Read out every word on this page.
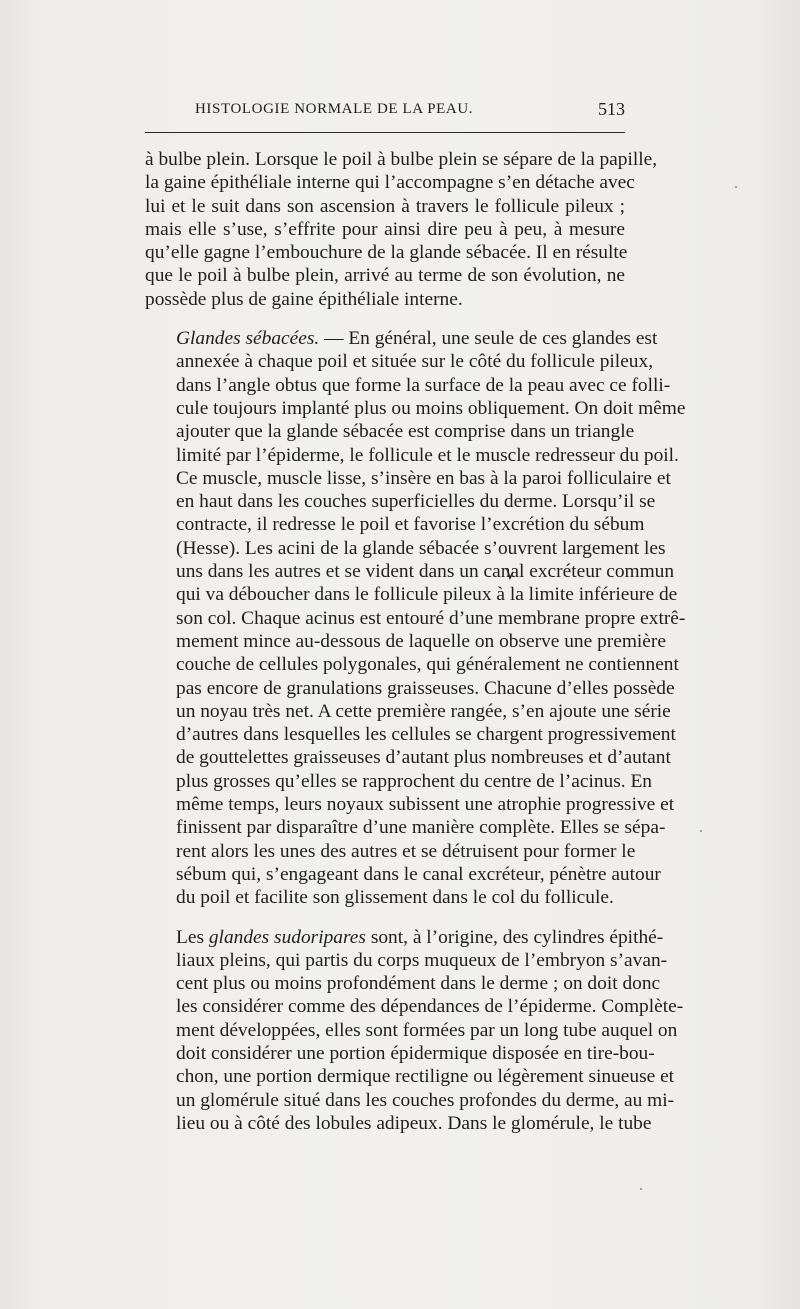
HISTOLOGIE NORMALE DE LA PEAU.	513

à bulbe plein. Lorsque le poil à bulbe plein se sépare de la papille,
la gaine épithéliale interne qui l’accompagne s’en détache avec
lui et le suit dans son ascension à travers le follicule pileux ;
mais elle s’use, s’effrite pour ainsi dire peu à peu, à mesure
qu’elle gagne l’embouchure de la glande sébacée. Il en résulte
que le poil à bulbe plein, arrivé au terme de son évolution, ne
possède plus de gaine épithéliale interne.

Glandes sébacées. — En général, une seule de ces glandes est
annexée à chaque poil et située sur le côté du follicule pileux,
dans l’angle obtus que forme la surface de la peau avec ce folli-
cule toujours implanté plus ou moins obliquement. On doit même
ajouter que la glande sébacée est comprise dans un triangle
limité par l’épiderme, le follicule et le muscle redresseur du poil.
Ce muscle, muscle lisse, s’insère en bas à la paroi folliculaire et
en haut dans les couches superficielles du derme. Lorsqu’il se
contracte, il redresse le poil et favorise l’excrétion du sébum
(Hesse). Les acini de la glande sébacée s’ouvrent largement les
uns dans les autres et se vident dans un canal excréteur commun
qui va déboucher dans le follicule pileux à la limite inférieure de
son col. Chaque acinus est entouré d’une membrane propre extrê-
mement mince au-dessous de laquelle on observe une première
couche de cellules polygonales, qui généralement ne contiennent
pas encore de granulations graisseuses. Chacune d’elles possède
un noyau très net. A cette première rangée, s’en ajoute une série
d’autres dans lesquelles les cellules se chargent progressivement
de gouttelettes graisseuses d’autant plus nombreuses et d’autant
plus grosses qu’elles se rapprochent du centre de l’acinus. En
même temps, leurs noyaux subissent une atrophie progressive et
finissent par disparaître d’une manière complète. Elles se sépa-
rent alors les unes des autres et se détruisent pour former le
sébum qui, s’engageant dans le canal excréteur, pénètre autour
du poil et facilite son glissement dans le col du follicule.

Les glandes sudoripares sont, à l’origine, des cylindres épithé-
liaux pleins, qui partis du corps muqueux de l’embryon s’avan-
cent plus ou moins profondément dans le derme ; on doit donc
les considérer comme des dépendances de l’épiderme. Complète-
ment développées, elles sont formées par un long tube auquel on
doit considérer une portion épidermique disposée en tire-bou-
chon, une portion dermique rectiligne ou légèrement sinueuse et
un glomérule situé dans les couches profondes du derme, au mi-
lieu ou à côté des lobules adipeux. Dans le glomérule, le tube
